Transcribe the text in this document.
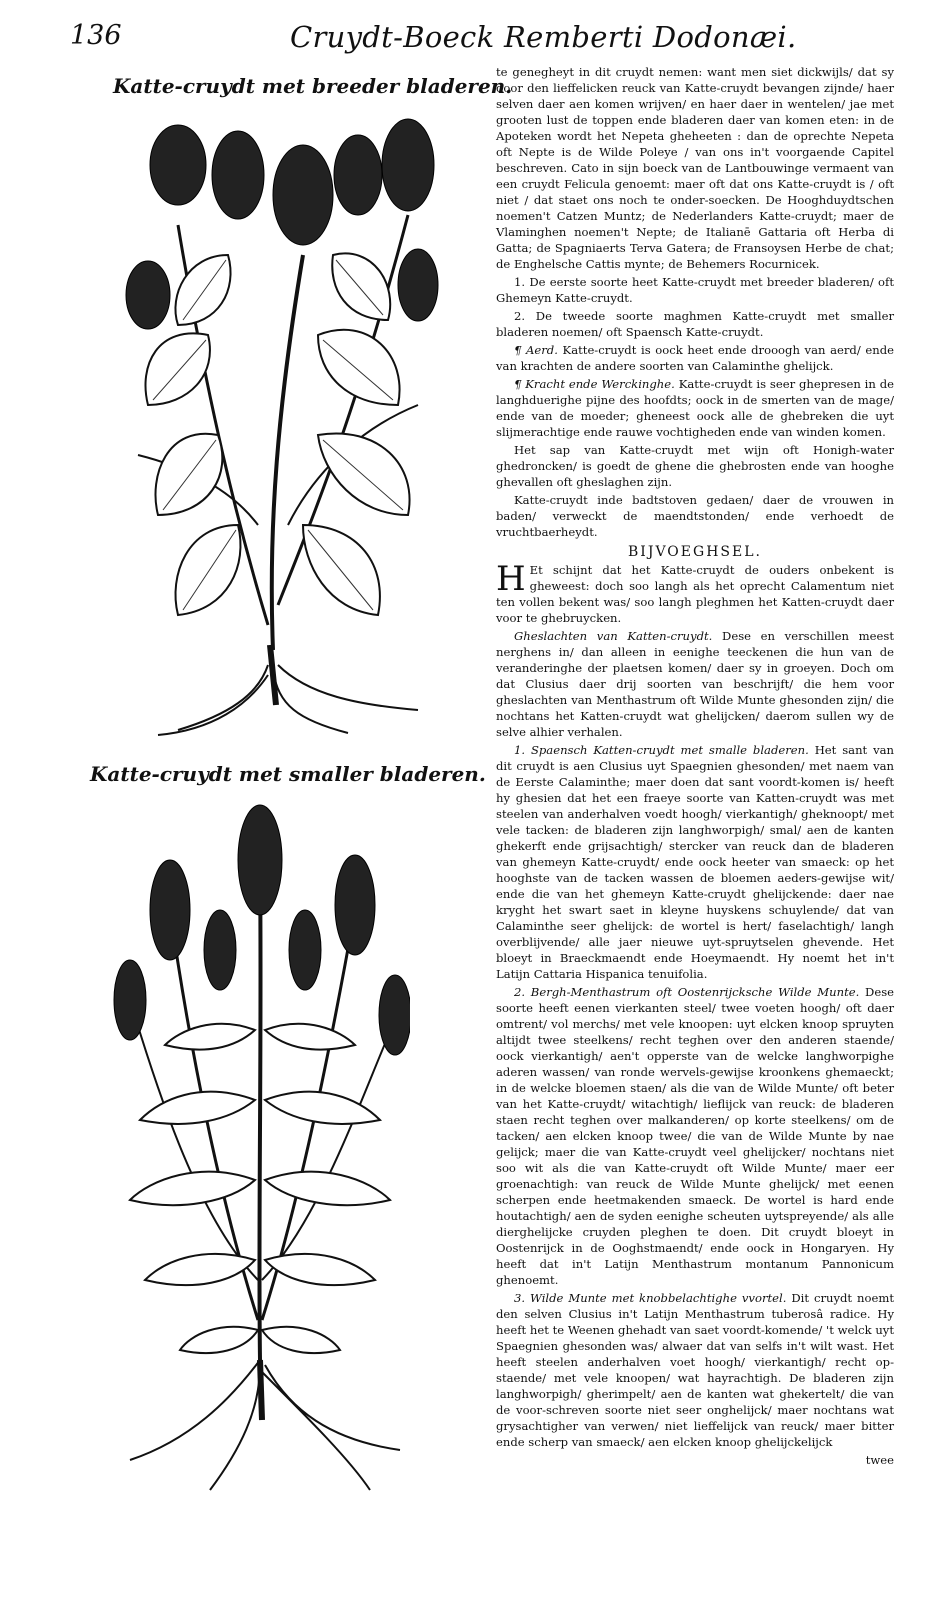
136	Cruydt-Boeck Remberti Dodonæi.
Katte-cruydt met breeder bladeren.
Katte-cruydt met smaller bladeren.

te genegheyt in dit cruydt nemen: want men siet dickwijls/ dat sy door den lieffelicken reuck van Katte-cruydt bevangen zijnde/ haer selven daer aen komen wrijven/ en haer daer in wentelen/ jae met grooten lust de toppen ende bladeren daer van komen eten: in de Apoteken wordt het Nepeta gheheeten : dan de oprechte Nepeta oft Nepte is de Wilde Poleye / van ons in't voorgaende Capitel beschreven. Cato in sijn boeck van de Lantbouwinge vermaent van een cruydt Felicula genoemt: maer oft dat ons Katte-cruydt is / oft niet / dat staet ons noch te onder-soecken. De Hooghduydtschen noemen't Catzen Muntz; de Nederlanders Katte-cruydt; maer de Vlaminghen noemen't Nepte; de Italianē Gattaria oft Herba di Gatta; de Spagniaerts Terva Gatera; de Fransoysen Herbe de chat; de Enghelsche Cattis mynte; de Behemers Rocurnicek.

1. De eerste soorte heet Katte-cruydt met breeder bladeren/ oft Ghemeyn Katte-cruydt.

2. De tweede soorte maghmen Katte-cruydt met smaller bladeren noemen/ oft Spaensch Katte-cruydt.

¶ Aerd. Katte-cruydt is oock heet ende drooogh van aerd/ ende van krachten de andere soorten van Calaminthe ghelijck.

¶ Kracht ende Werckinghe. Katte-cruydt is seer ghepresen in de langhduerighe pijne des hoofdts; oock in de smerten van de mage/ ende van de moeder; gheneest oock alle de ghebreken die uyt slijmerachtige ende rauwe vochtigheden ende van winden komen.

Het sap van Katte-cruydt met wijn oft Honigh-water ghedroncken/ is goedt de ghene die ghebrosten ende van hooghe ghevallen oft gheslaghen zijn.

Katte-cruydt inde badtstoven gedaen/ daer de vrouwen in baden/ verweckt de maendtstonden/ ende verhoedt de vruchtbaerheydt.

BIJVOEGHSEL.

H Et schijnt dat het Katte-cruydt de ouders onbekent is gheweest: doch soo langh als het oprecht Calamentum niet ten vollen bekent was/ soo langh pleghmen het Katten-cruydt daer voor te ghebruycken.

Gheslachten van Katten-cruydt. Dese en verschillen meest nerghens in/ dan alleen in eenighe teeckenen die hun van de veranderinghe der plaetsen komen/ daer sy in groeyen. Doch om dat Clusius daer drij soorten van beschrijft/ die hem voor gheslachten van Menthastrum oft Wilde Munte ghesonden zijn/ die nochtans het Katten-cruydt wat ghelijcken/ daerom sullen wy de selve alhier verhalen.

1. Spaensch Katten-cruydt met smalle bladeren. Het sant van dit cruydt is aen Clusius uyt Spaegnien ghesonden/ met naem van de Eerste Calaminthe; maer doen dat sant voordt-komen is/ heeft hy ghesien dat het een fraeye soorte van Katten-cruydt was met steelen van anderhalven voedt hoogh/ vierkantigh/ gheknoopt/ met vele tacken: de bladeren zijn langhworpigh/ smal/ aen de kanten ghekerft ende grijsachtigh/ stercker van reuck dan de bladeren van ghemeyn Katte-cruydt/ ende oock heeter van smaeck: op het hooghste van de tacken wassen de bloemen aeders-gewijse wit/ ende die van het ghemeyn Katte-cruydt ghelijckende: daer nae kryght het swart saet in kleyne huyskens schuylende/ dat van Calaminthe seer ghelijck: de wortel is hert/ faselachtigh/ langh overblijvende/ alle jaer nieuwe uyt-spruytselen ghevende. Het bloeyt in Braeckmaendt ende Hoeymaendt. Hy noemt het in't Latijn Cattaria Hispanica tenuifolia.

2. Bergh-Menthastrum oft Oostenrijcksche Wilde Munte. Dese soorte heeft eenen vierkanten steel/ twee voeten hoogh/ oft daer omtrent/ vol merchs/ met vele knoopen: uyt elcken knoop spruyten altijdt twee steelkens/ recht teghen over den anderen staende/ oock vierkantigh/ aen't opperste van de welcke langhworpighe aderen wassen/ van ronde wervels-gewijse kroonkens ghemaeckt; in de welcke bloemen staen/ als die van de Wilde Munte/ oft beter van het Katte-cruydt/ witachtigh/ lieflijck van reuck: de bladeren staen recht teghen over malkanderen/ op korte steelkens/ om de tacken/ aen elcken knoop twee/ die van de Wilde Munte by nae gelijck; maer die van Katte-cruydt veel ghelijcker/ nochtans niet soo wit als die van Katte-cruydt oft Wilde Munte/ maer eer groenachtigh: van reuck de Wilde Munte ghelijck/ met eenen scherpen ende heetmakenden smaeck. De wortel is hard ende houtachtigh/ aen de syden eenighe scheuten uytspreyende/ als alle dierghelijcke cruyden pleghen te doen. Dit cruydt bloeyt in Oostenrijck in de Ooghstmaendt/ ende oock in Hongaryen. Hy heeft dat in't Latijn Menthastrum montanum Pannonicum ghenoemt.

3. Wilde Munte met knobbelachtighe vvortel. Dit cruydt noemt den selven Clusius in't Latijn Menthastrum tuberosâ radice. Hy heeft het te Weenen ghehadt van saet voordt-komende/ 't welck uyt Spaegnien ghesonden was/ alwaer dat van selfs in't wilt wast. Het heeft steelen anderhalven voet hoogh/ vierkantigh/ recht op-staende/ met vele knoopen/ wat hayrachtigh. De bladeren zijn langhworpigh/ gherimpelt/ aen de kanten wat ghekertelt/ die van de voor-schreven soorte niet seer onghelijck/ maer nochtans wat grysachtigher van verwen/ niet lieffelijck van reuck/ maer bitter ende scherp van smaeck/ aen elcken knoop ghelijckelijck

twee
